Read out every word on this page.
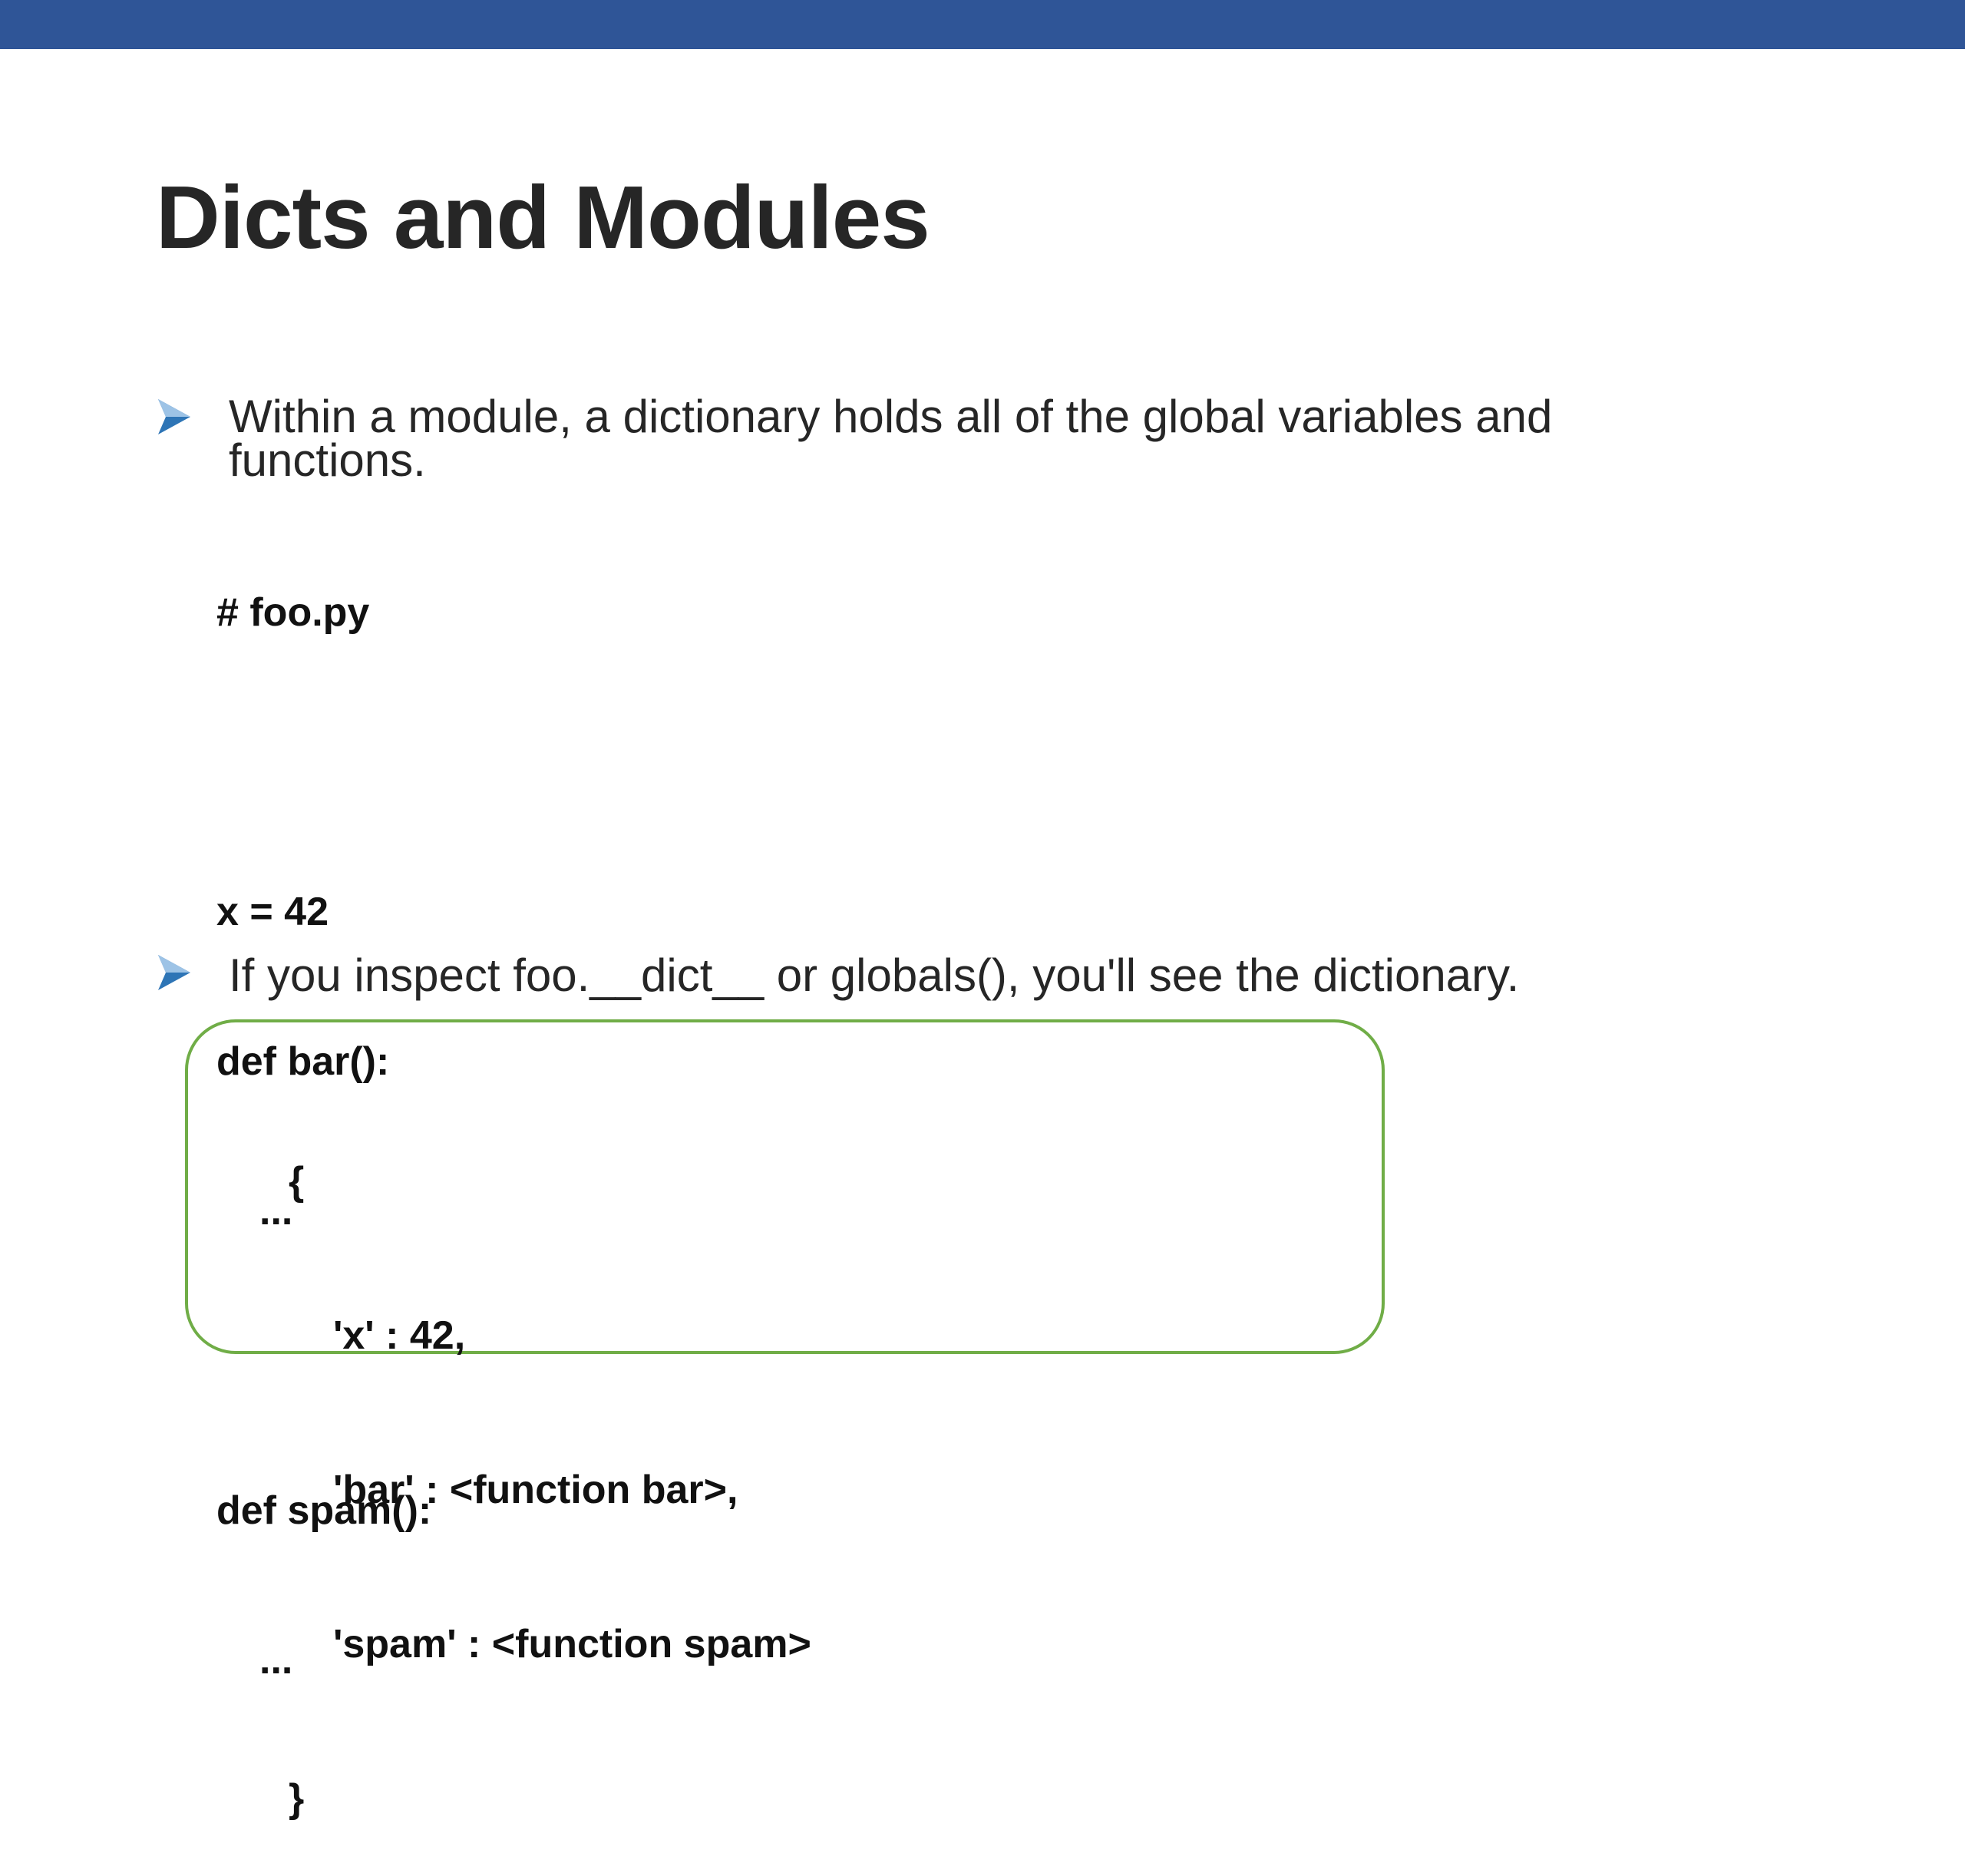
Dicts and Modules
Within a module, a dictionary holds all of the global variables and functions.

# foo.py

x = 42

def bar():

...

def spam():

...

If you inspect foo.__dict__ or globals(), you'll see the dictionary.

{

'x' : 42,

'bar' : <function bar>,

'spam' : <function spam>

}
